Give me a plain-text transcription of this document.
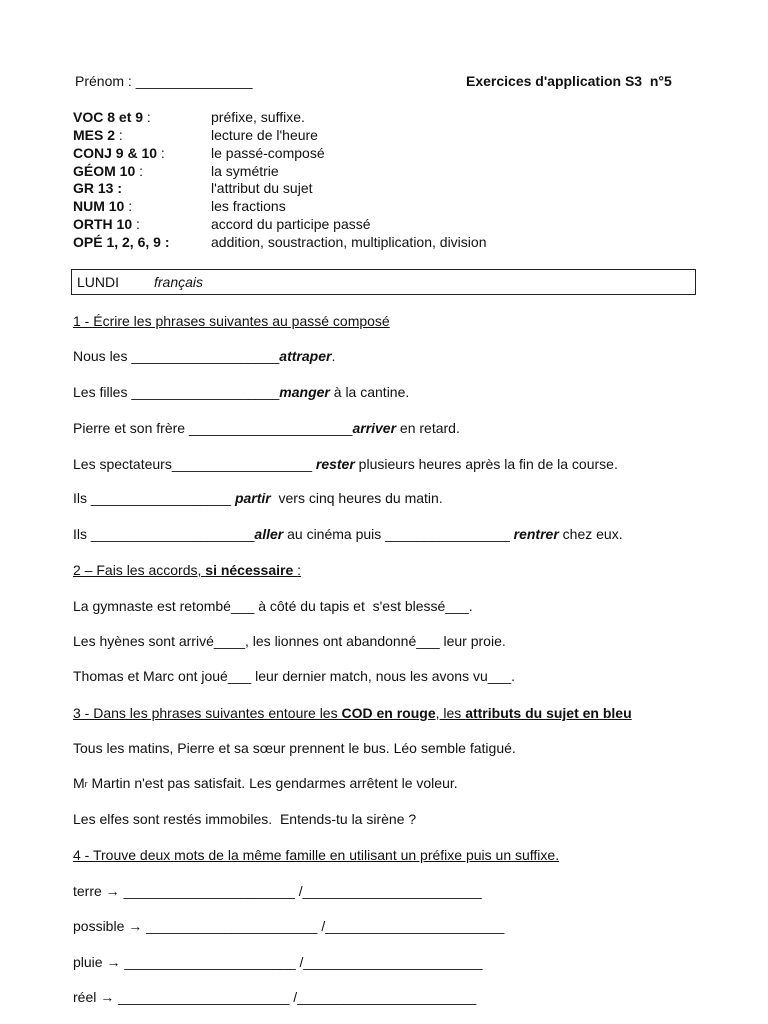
Prénom : _______________	Exercices d'application S3  n°5
VOC 8 et 9 :	préfixe, suffixe.
MES 2 :	lecture de l'heure
CONJ 9 & 10 :	le passé-composé
GÉOM 10 :	la symétrie
GR 13 :	l'attribut du sujet
NUM 10 :	les fractions
ORTH 10 :	accord du participe passé
OPÉ 1, 2, 6, 9 :	addition, soustraction, multiplication, division
LUNDI français
1 - Écrire les phrases suivantes au passé composé
Nous les ___________________ attraper .
Les filles ___________________ manger à la cantine.
Pierre et son frère _____________________ arriver en retard.
Les spectateurs__________________ rester plusieurs heures après la fin de la course.
Ils __________________ partir vers cinq heures du matin.
Ils _____________________ aller au cinéma puis ________________ rentrer chez eux.
2 – Fais les accords, si nécessaire :
La gymnaste est retombé___ à côté du tapis et  s'est blessé___.
Les hyènes sont arrivé____, les lionnes ont abandonné___ leur proie.
Thomas et Marc ont joué___ leur dernier match, nous les avons vu___.
3 - Dans les phrases suivantes entoure les COD en rouge , les attributs du sujet en bleu
Tous les matins, Pierre et sa sœur prennent le bus. Léo semble fatigué.
$M^r$ Martin n'est pas satisfait. Les gendarmes arrêtent le voleur.
Les elfes sont restés immobiles.  Entends-tu la sirène ?
4 - Trouve deux mots de la même famille en utilisant un préfixe puis un suffixe.
terre → ______________________ /_______________________
possible → ______________________ /_______________________
pluie → ______________________ /_______________________
réel → ______________________ /_______________________
